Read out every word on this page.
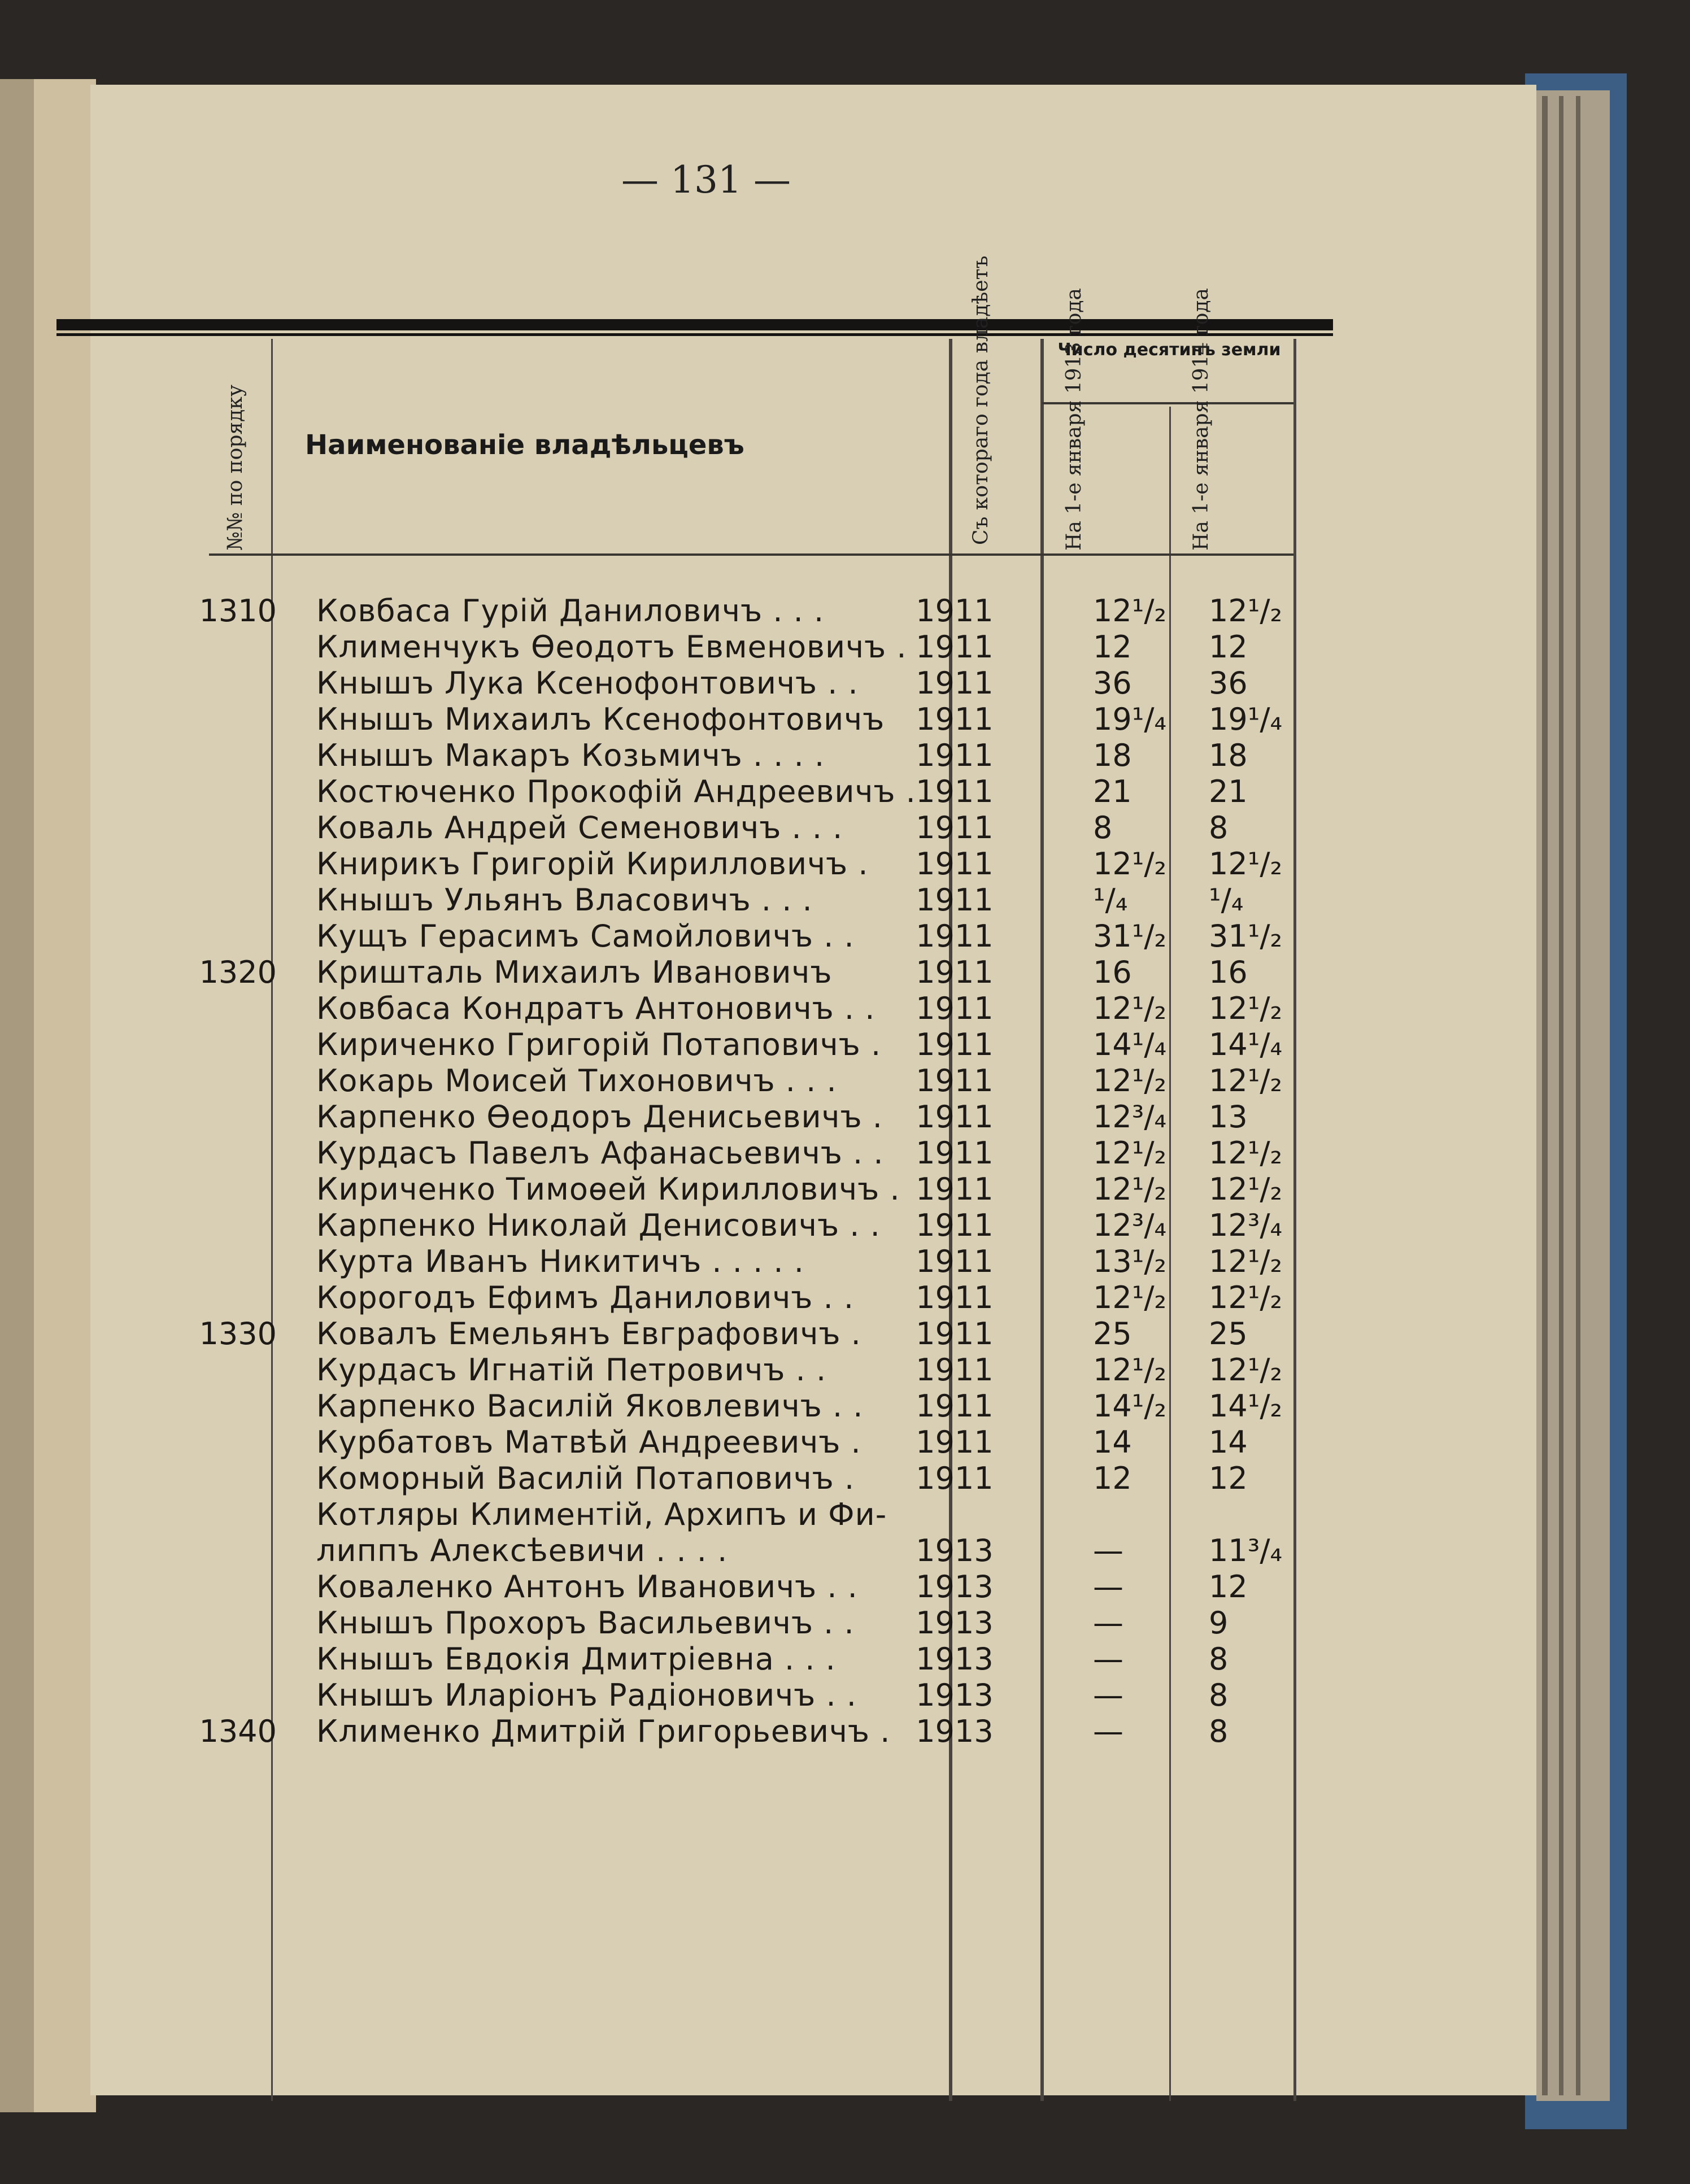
— 131 —
№№ по порядку Наименованіе владѣльцевъ	Съ котораго года владѣетъ	Число десятинъ земли
На 1-е января 1913 года	На 1-е января 1914 года
1310 Ковбаса Гурій Даниловичъ . . .	1911	12¹/₂	12¹/₂
Клименчукъ Ѳеодотъ Евменовичъ . 1911	12	12
Кнышъ Лука Ксенофонтовичъ . .	1911	36	36
Кнышъ Михаилъ Ксенофонтовичъ	1911	19¹/₄	19¹/₄
Кнышъ Макаръ Козьмичъ . . . .	1911	18	18
Костюченко Прокофій Андреевичъ . 1911	21	21
Коваль Андрей Семеновичъ . . .	1911	8	8
Книрикъ Григорій Кирилловичъ .	1911	12¹/₂	12¹/₂
Кнышъ Ульянъ Власовичъ . . .	1911	¹/₄	¹/₄
Кущъ Герасимъ Самойловичъ . .	1911	31¹/₂	31¹/₂
1320 Кришталь Михаилъ Ивановичъ	1911	16	16
Ковбаса Кондратъ Антоновичъ . .	1911	12¹/₂	12¹/₂
Кириченко Григорій Потаповичъ .	1911	14¹/₄	14¹/₄
Кокарь Моисей Тихоновичъ . . .	1911	12¹/₂	12¹/₂
Карпенко Ѳеодоръ Денисьевичъ .	1911	12³/₄	13
Курдасъ Павелъ Афанасьевичъ . .	1911	12¹/₂	12¹/₂
Кириченко Тимоѳей Кирилловичъ . 1911	12¹/₂	12¹/₂
Карпенко Николай Денисовичъ . .	1911	12³/₄	12³/₄
Курта Иванъ Никитичъ . . . . .	1911	13¹/₂	12¹/₂
Корогодъ Ефимъ Даниловичъ . .	1911	12¹/₂	12¹/₂
1330 Ковалъ Емельянъ Евграфовичъ .	1911	25	25
Курдасъ Игнатій Петровичъ . .	1911	12¹/₂	12¹/₂
Карпенко Василій Яковлевичъ . .	1911	14¹/₂	14¹/₂
Курбатовъ Матвѣй Андреевичъ .	1911	14	14
Коморный Василій Потаповичъ .	1911	12	12
Котляры Климентій, Архипъ и Фи-
липпъ Алексѣевичи . . . .	1913	—	11³/₄
Коваленко Антонъ Ивановичъ . .	1913	—	12
Кнышъ Прохоръ Васильевичъ . .	1913	—	9
Кнышъ Евдокія Дмитріевна . . .	1913	—	8
Кнышъ Иларіонъ Радіоновичъ . .	1913	—	8
1340 Клименко Дмитрій Григорьевичъ . 1913	—	8
